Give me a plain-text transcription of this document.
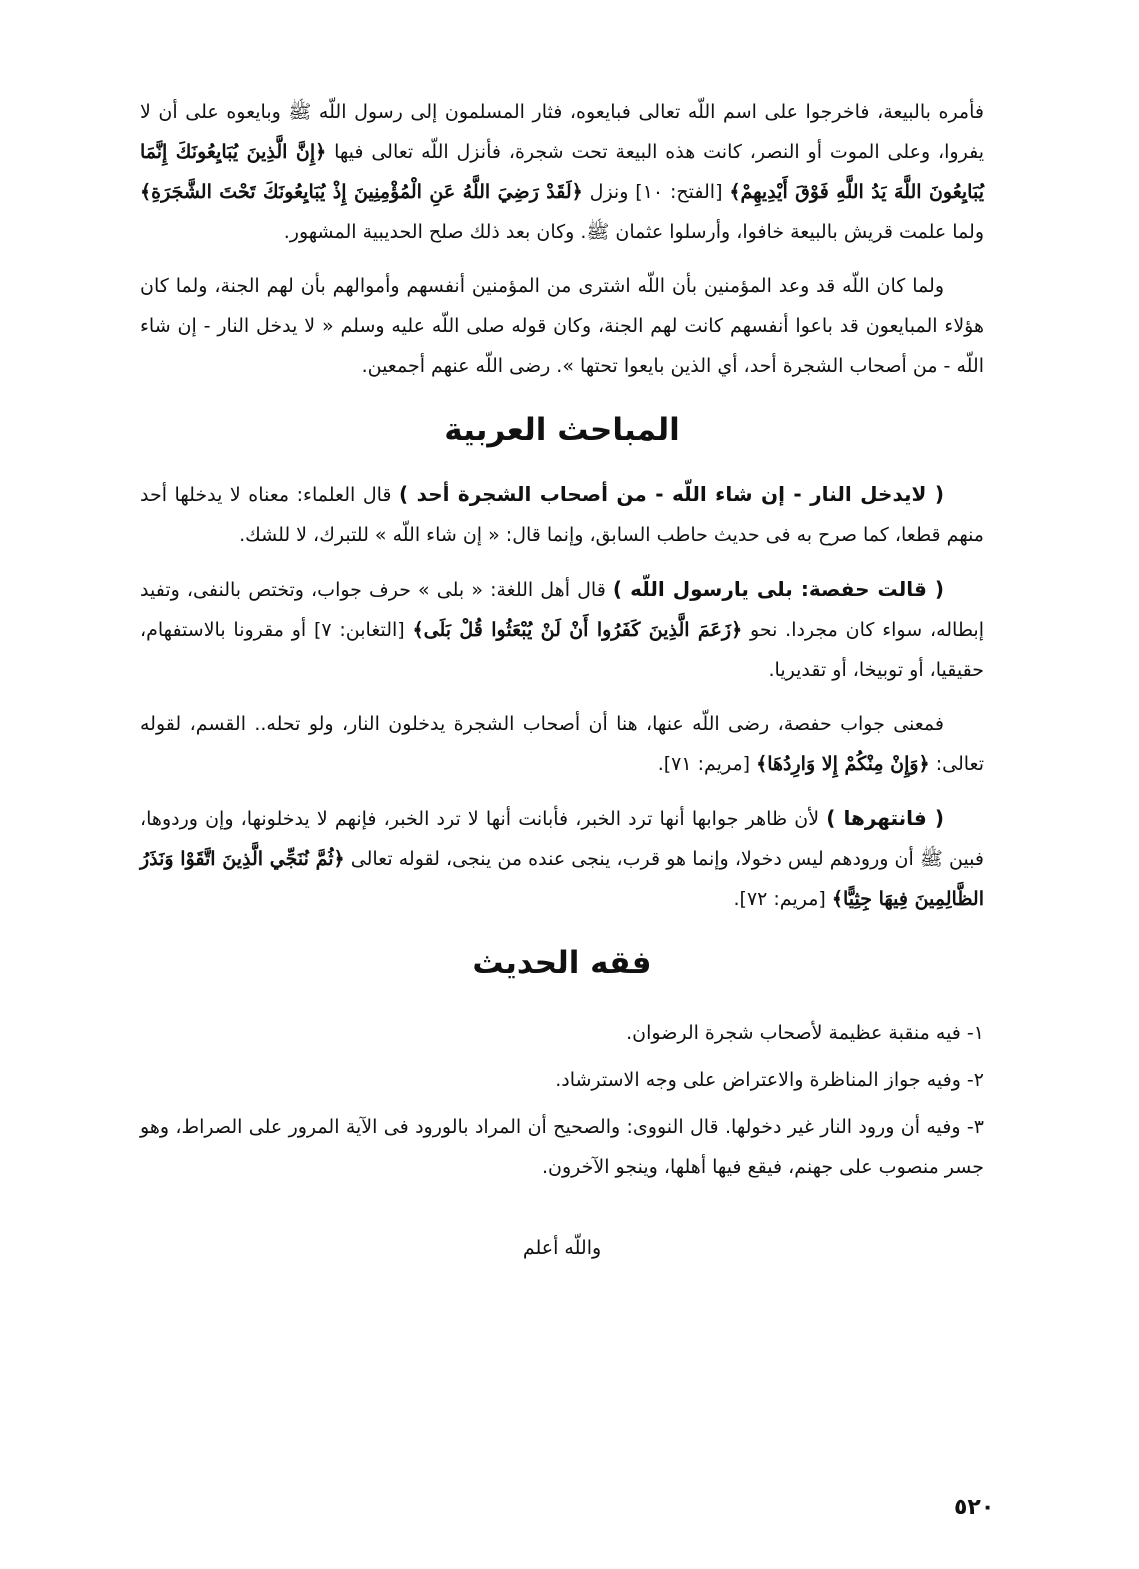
فأمره بالبيعة، فاخرجوا على اسم اللّه تعالى فبايعوه، فثار المسلمون إلى رسول اللّه ﷺ وبايعوه على أن لا يفروا، وعلى الموت أو النصر، كانت هذه البيعة تحت شجرة، فأنزل اللّه تعالى فيها ﴿إِنَّ الَّذِينَ يُبَايِعُونَكَ إِنَّمَا يُبَايِعُونَ اللَّهَ يَدُ اللَّهِ فَوْقَ أَيْدِيهِمْ﴾ [الفتح: ١٠] ونزل ﴿لَقَدْ رَضِيَ اللَّهُ عَنِ الْمُؤْمِنِينَ إِذْ يُبَايِعُونَكَ تَحْتَ الشَّجَرَةِ﴾ ولما علمت قريش بالبيعة خافوا، وأرسلوا عثمان ﷺ. وكان بعد ذلك صلح الحديبية المشهور.

ولما كان اللّه قد وعد المؤمنين بأن اللّه اشترى من المؤمنين أنفسهم وأموالهم بأن لهم الجنة، ولما كان هؤلاء المبايعون قد باعوا أنفسهم كانت لهم الجنة، وكان قوله صلى اللّه عليه وسلم « لا يدخل النار - إن شاء اللّه - من أصحاب الشجرة أحد، أي الذين بايعوا تحتها ». رضى اللّه عنهم أجمعين.

المباحث العربية

( لايدخل النار - إن شاء اللّه - من أصحاب الشجرة أحد ) قال العلماء: معناه لا يدخلها أحد منهم قطعا، كما صرح به فى حديث حاطب السابق، وإنما قال: « إن شاء اللّه » للتبرك، لا للشك.

( قالت حفصة: بلى يارسول اللّه ) قال أهل اللغة: « بلى » حرف جواب، وتختص بالنفى، وتفيد إبطاله، سواء كان مجردا. نحو ﴿زَعَمَ الَّذِينَ كَفَرُوا أَنْ لَنْ يُبْعَثُوا قُلْ بَلَى﴾ [التغابن: ٧] أو مقرونا بالاستفهام، حقيقيا، أو توبيخا، أو تقديريا.

فمعنى جواب حفصة، رضى اللّه عنها، هنا أن أصحاب الشجرة يدخلون النار، ولو تحله.. القسم، لقوله تعالى: ﴿وَإِنْ مِنْكُمْ إِلا وَارِدُهَا﴾ [مريم: ٧١].

( فانتهرها ) لأن ظاهر جوابها أنها ترد الخبر، فأبانت أنها لا ترد الخبر، فإنهم لا يدخلونها، وإن وردوها، فبين ﷺ أن ورودهم ليس دخولا، وإنما هو قرب، ينجى عنده من ينجى، لقوله تعالى ﴿ثُمَّ نُنَجِّي الَّذِينَ اتَّقَوْا وَنَذَرُ الظَّالِمِينَ فِيهَا جِثِيًّا﴾ [مريم: ٧٢].

فقه الحديث

١- فيه منقبة عظيمة لأصحاب شجرة الرضوان.

٢- وفيه جواز المناظرة والاعتراض على وجه الاسترشاد.

٣- وفيه أن ورود النار غير دخولها. قال النووى: والصحيح أن المراد بالورود فى الآية المرور على الصراط، وهو جسر منصوب على جهنم، فيقع فيها أهلها، وينجو الآخرون.

واللّه أعلم

٥٢٠
